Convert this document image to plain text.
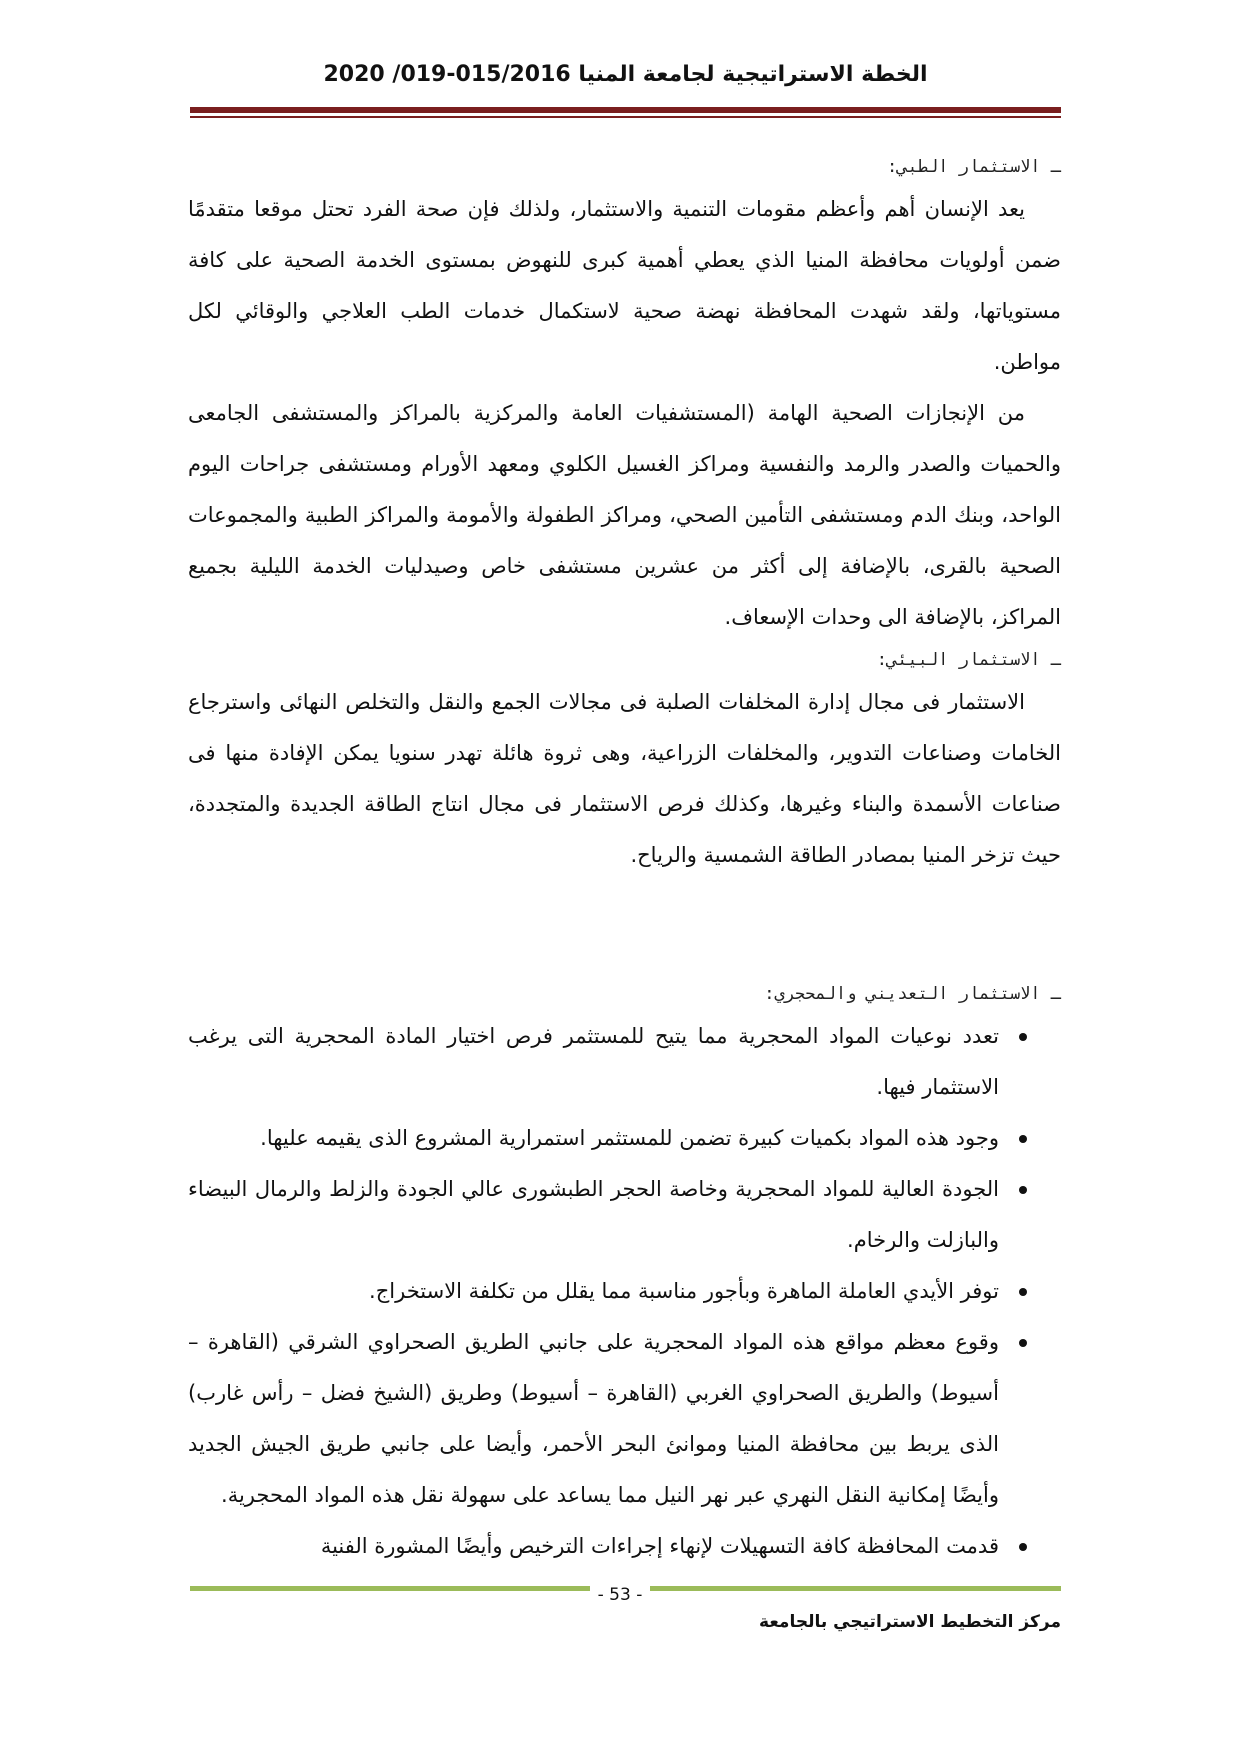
الخطة الاستراتيجية لجامعة المنيا 015/2016-019/ 2020
ـ الاستثمار الطبي:

يعد الإنسان أهم وأعظم مقومات التنمية والاستثمار، ولذلك فإن صحة الفرد تحتل موقعا متقدمًا ضمن أولويات محافظة المنيا الذي يعطي أهمية كبرى للنهوض بمستوى الخدمة الصحية على كافة مستوياتها، ولقد شهدت المحافظة نهضة صحية لاستكمال خدمات الطب العلاجي والوقائي لكل مواطن.

من الإنجازات الصحية الهامة (المستشفيات العامة والمركزية بالمراكز والمستشفى الجامعى والحميات والصدر والرمد والنفسية ومراكز الغسيل الكلوي ومعهد الأورام ومستشفى جراحات اليوم الواحد، وبنك الدم ومستشفى التأمين الصحي، ومراكز الطفولة والأمومة والمراكز الطبية والمجموعات الصحية بالقرى، بالإضافة إلى أكثر من عشرين مستشفى خاص وصيدليات الخدمة الليلية بجميع المراكز، بالإضافة الى وحدات الإسعاف.

ـ الاستثمار البيئي:

الاستثمار فى مجال إدارة المخلفات الصلبة فى مجالات الجمع والنقل والتخلص النهائى واسترجاع الخامات وصناعات التدوير، والمخلفات الزراعية، وهى ثروة هائلة تهدر سنويا يمكن الإفادة منها فى صناعات الأسمدة والبناء وغيرها، وكذلك فرص الاستثمار فى مجال انتاج الطاقة الجديدة والمتجددة، حيث تزخر المنيا بمصادر الطاقة الشمسية والرياح.

ـ الاستثمار التعديني والمحجري:
تعدد نوعيات المواد المحجرية مما يتيح للمستثمر فرص اختيار المادة المحجرية التى يرغب الاستثمار فيها.
وجود هذه المواد بكميات كبيرة تضمن للمستثمر استمرارية المشروع الذى يقيمه عليها.
الجودة العالية للمواد المحجرية وخاصة الحجر الطبشورى عالي الجودة والزلط والرمال البيضاء والبازلت والرخام.
توفر الأيدي العاملة الماهرة وبأجور مناسبة مما يقلل من تكلفة الاستخراج.
وقوع معظم مواقع هذه المواد المحجرية على جانبي الطريق الصحراوي الشرقي (القاهرة – أسيوط) والطريق الصحراوي الغربي (القاهرة – أسيوط) وطريق (الشيخ فضل – رأس غارب) الذى يربط بين محافظة المنيا وموانئ البحر الأحمر، وأيضا على جانبي طريق الجيش الجديد وأيضًا إمكانية النقل النهري عبر نهر النيل مما يساعد على سهولة نقل هذه المواد المحجرية.
قدمت المحافظة كافة التسهيلات لإنهاء إجراءات الترخيص وأيضًا المشورة الفنية
- 53 -
مركز التخطيط الاستراتيجي بالجامعة
